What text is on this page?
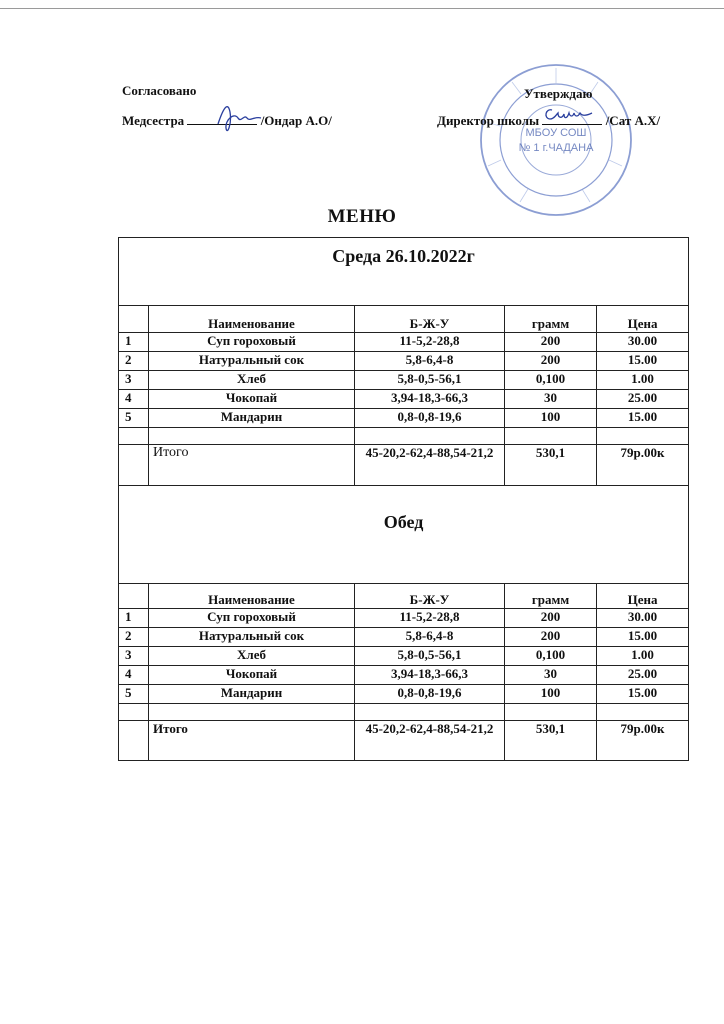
Согласовано
Медсестра	/Ондар А.О/
МБОУ СОШ
№ 1 г.ЧАДАНА
Утверждаю
Директор школы	/Сат А.Х/
МЕНЮ
Среда 26.10.2022г				
	Наименование	Б-Ж-У	грамм	Цена
1	Суп гороховый	11-5,2-28,8	200	30.00
2	Натуральный сок	5,8-6,4-8	200	15.00
3	Хлеб	5,8-0,5-56,1	0,100	1.00
4	Чокопай	3,94-18,3-66,3	30	25.00
5	Мандарин	0,8-0,8-19,6	100	15.00

	Итого	45-20,2-62,4-88,54-21,2	530,1	79р.00к
Обед				
	Наименование	Б-Ж-У	грамм	Цена
1	Суп гороховый	11-5,2-28,8	200	30.00
2	Натуральный сок	5,8-6,4-8	200	15.00
3	Хлеб	5,8-0,5-56,1	0,100	1.00
4	Чокопай	3,94-18,3-66,3	30	25.00
5	Мандарин	0,8-0,8-19,6	100	15.00

	Итого	45-20,2-62,4-88,54-21,2	530,1	79р.00к
